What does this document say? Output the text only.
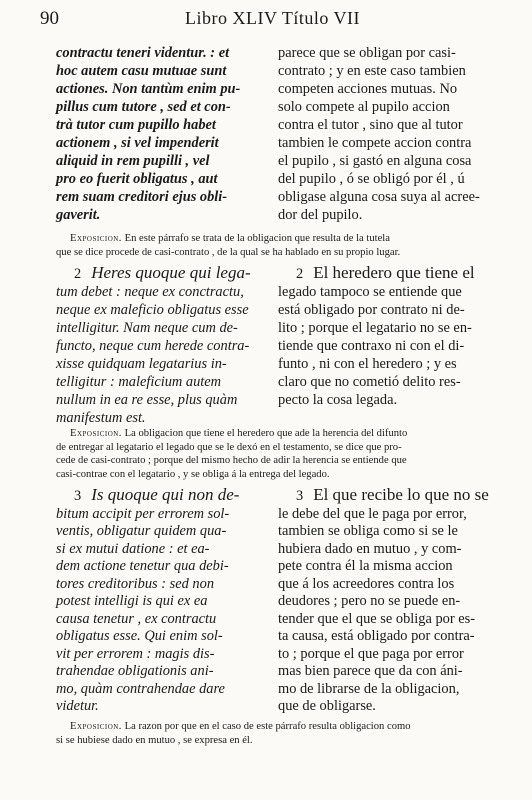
90	Libro XLIV Título VII
contractu teneri videntur. : et
hoc autem casu mutuae sunt
actiones. Non tantùm enim pu-
pillus cum tutore , sed et con-
trà tutor cum pupillo habet
actionem , si vel impenderit
aliquid in rem pupilli , vel
pro eo fuerit obligatus , aut
rem suam creditori ejus obli-
gaverit.
parece que se obligan por casi-
contrato ; y en este caso tambien
competen acciones mutuas. No
solo compete al pupilo accion
contra el tutor , sino que al tutor
tambien le compete accion contra
el pupilo , si gastó en alguna cosa
del pupilo , ó se obligó por él , ú
obligase alguna cosa suya al acree-
dor del pupilo.
Exposicion. En este párrafo se trata de la obligacion que resulta de la tutela
que se dice procede de casi-contrato , de la qual se ha hablado en su propio lugar.
2 Heres quoque qui lega-
tum debet : neque ex conctractu,
neque ex maleficio obligatus esse
intelligitur. Nam neque cum de-
functo, neque cum herede contra-
xisse quidquam legatarius in-
telligitur : maleficium autem
nullum in ea re esse, plus quàm
manifestum est.
2 El heredero que tiene el
legado tampoco se entiende que
está obligado por contrato ni de-
lito ; porque el legatario no se en-
tiende que contraxo ni con el di-
funto , ni con el heredero ; y es
claro que no cometió delito res-
pecto la cosa legada.
Exposicion. La obligacion que tiene el heredero que ade la herencia del difunto
de entregar al legatario el legado que se le dexó en el testamento, se dice que pro-
cede de casi-contrato ; porque del mismo hecho de adir la herencia se entiende que
casi-contrae con el legatario , y se obliga á la entrega del legado.
3 Is quoque qui non de-
bitum accipit per errorem sol-
ventis, obligatur quidem qua-
si ex mutui datione : et ea-
dem actione tenetur qua debi-
tores creditoribus : sed non
potest intelligi is qui ex ea
causa tenetur , ex contractu
obligatus esse. Qui enim sol-
vit per errorem : magis dis-
trahendae obligationis ani-
mo, quàm contrahendae dare
videtur.
3 El que recibe lo que no se
le debe del que le paga por error,
tambien se obliga como si se le
hubiera dado en mutuo , y com-
pete contra él la misma accion
que á los acreedores contra los
deudores ; pero no se puede en-
tender que el que se obliga por es-
ta causa, está obligado por contra-
to ; porque el que paga por error
mas bien parece que da con áni-
mo de librarse de la obligacion,
que de obligarse.
Exposicion. La razon por que en el caso de este párrafo resulta obligacion como
si se hubiese dado en mutuo , se expresa en él.
